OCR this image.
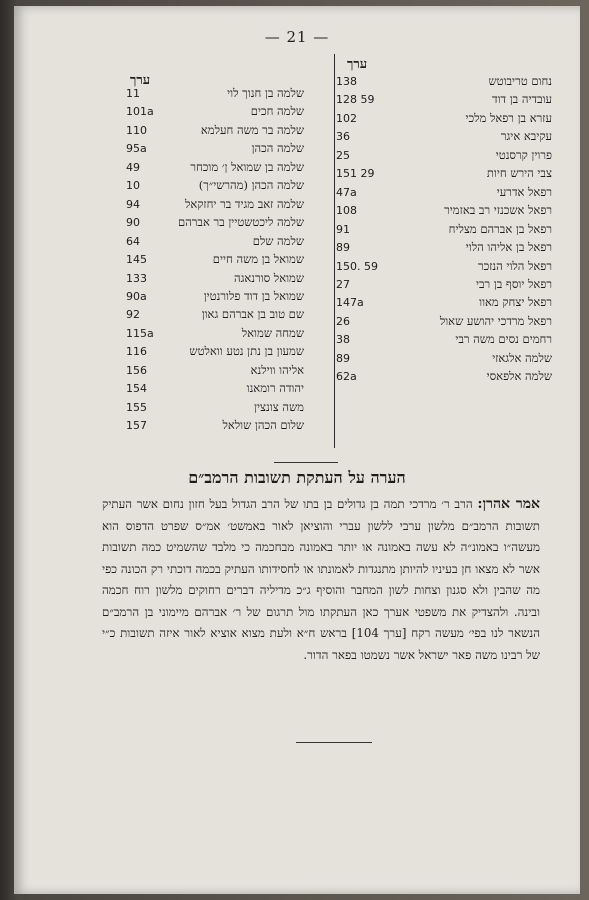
— 21 —
ערך
ערך
11	שלמה בן חנוך לוי
101a	שלמה חכים
110	שלמה בר משה חעלמא
95a	שלמה הכהן
49	שלמה בן שמואל ן׳ מוכחר
10	שלמה הכהן (מהרשי״ך)
94	שלמה זאב מגיד בר יחזקאל
90	שלמה ליכטשטיין בר אברהם
64	שלמה שלם
145	שמואל בן משה חיים
133	שמואל סורנאגה
90a	שמואל בן דוד פלורנטין
92	שם טוב בן אברהם גאון
115a	שמחה שמואל
116	שמעון בן נתן נטע וואלטש
156	אליהו ווילנא
154	יהודה רומאנו
155	משה צונצין
157	שלום הכהן שולאל
138	נחום טריבוטש
128 59	עובדיה בן דוד
102	עזרא בן רפאל מלכי
36	עקיבא איגר
25	פרוין קרסנטי
151 29	צבי הירש חיות
47a	רפאל אדרעי
108	רפאל אשכנזי רב באזמיר
91	רפאל בן אברהם מצליח
89	רפאל בן אליהו הלוי
150. 59	רפאל הלוי הנזכר
27	רפאל יוסף בן רבי
147a	רפאל יצחק מאוו
26	רפאל מרדכי יהושע שאול
38	רחמים נסים משה רבי
89	שלמה אלגאזי
62a	שלמה אלפאסי
הערה על העתקת תשובות הרמב״ם
אמר אהרן: הרב ר׳ מרדכי תמה בן גדולים בן בתו של הרב הגדול בעל חזון נחום אשר העתיק תשובות הרמב״ם מלשון ערבי ללשון עברי והוציאן לאור באמשט׳ אמ״ס שפרט הדפוס הוא מעשה״ו באמונ״ה לא עשה באמונה או יותר באמונה מבחכמה כי מלבד שהשמיט כמה תשובות אשר לא מצאו חן בעיניו להיותן מתנגדות לאמונתו או לחסידותו העתיק בכמה דוכתי רק הכונה כפי מה שהבין ולא סגנון וצחות לשון המחבר והוסיף ג״כ מדיליה דברים רחוקים מלשון רוח חכמה ובינה. ולהצדיק את משפטי אערך כאן העתקתו מול תרגום של ר׳ אברהם מיימוני בן הרמב״ם הנשאר לנו בפי׳ מעשה רקח [ערך 104] בראש ח״א ולעת מצוא אוציא לאור איזה תשובות כ״י של רבינו משה פאר ישראל אשר נשמטו בפאר הדור.
